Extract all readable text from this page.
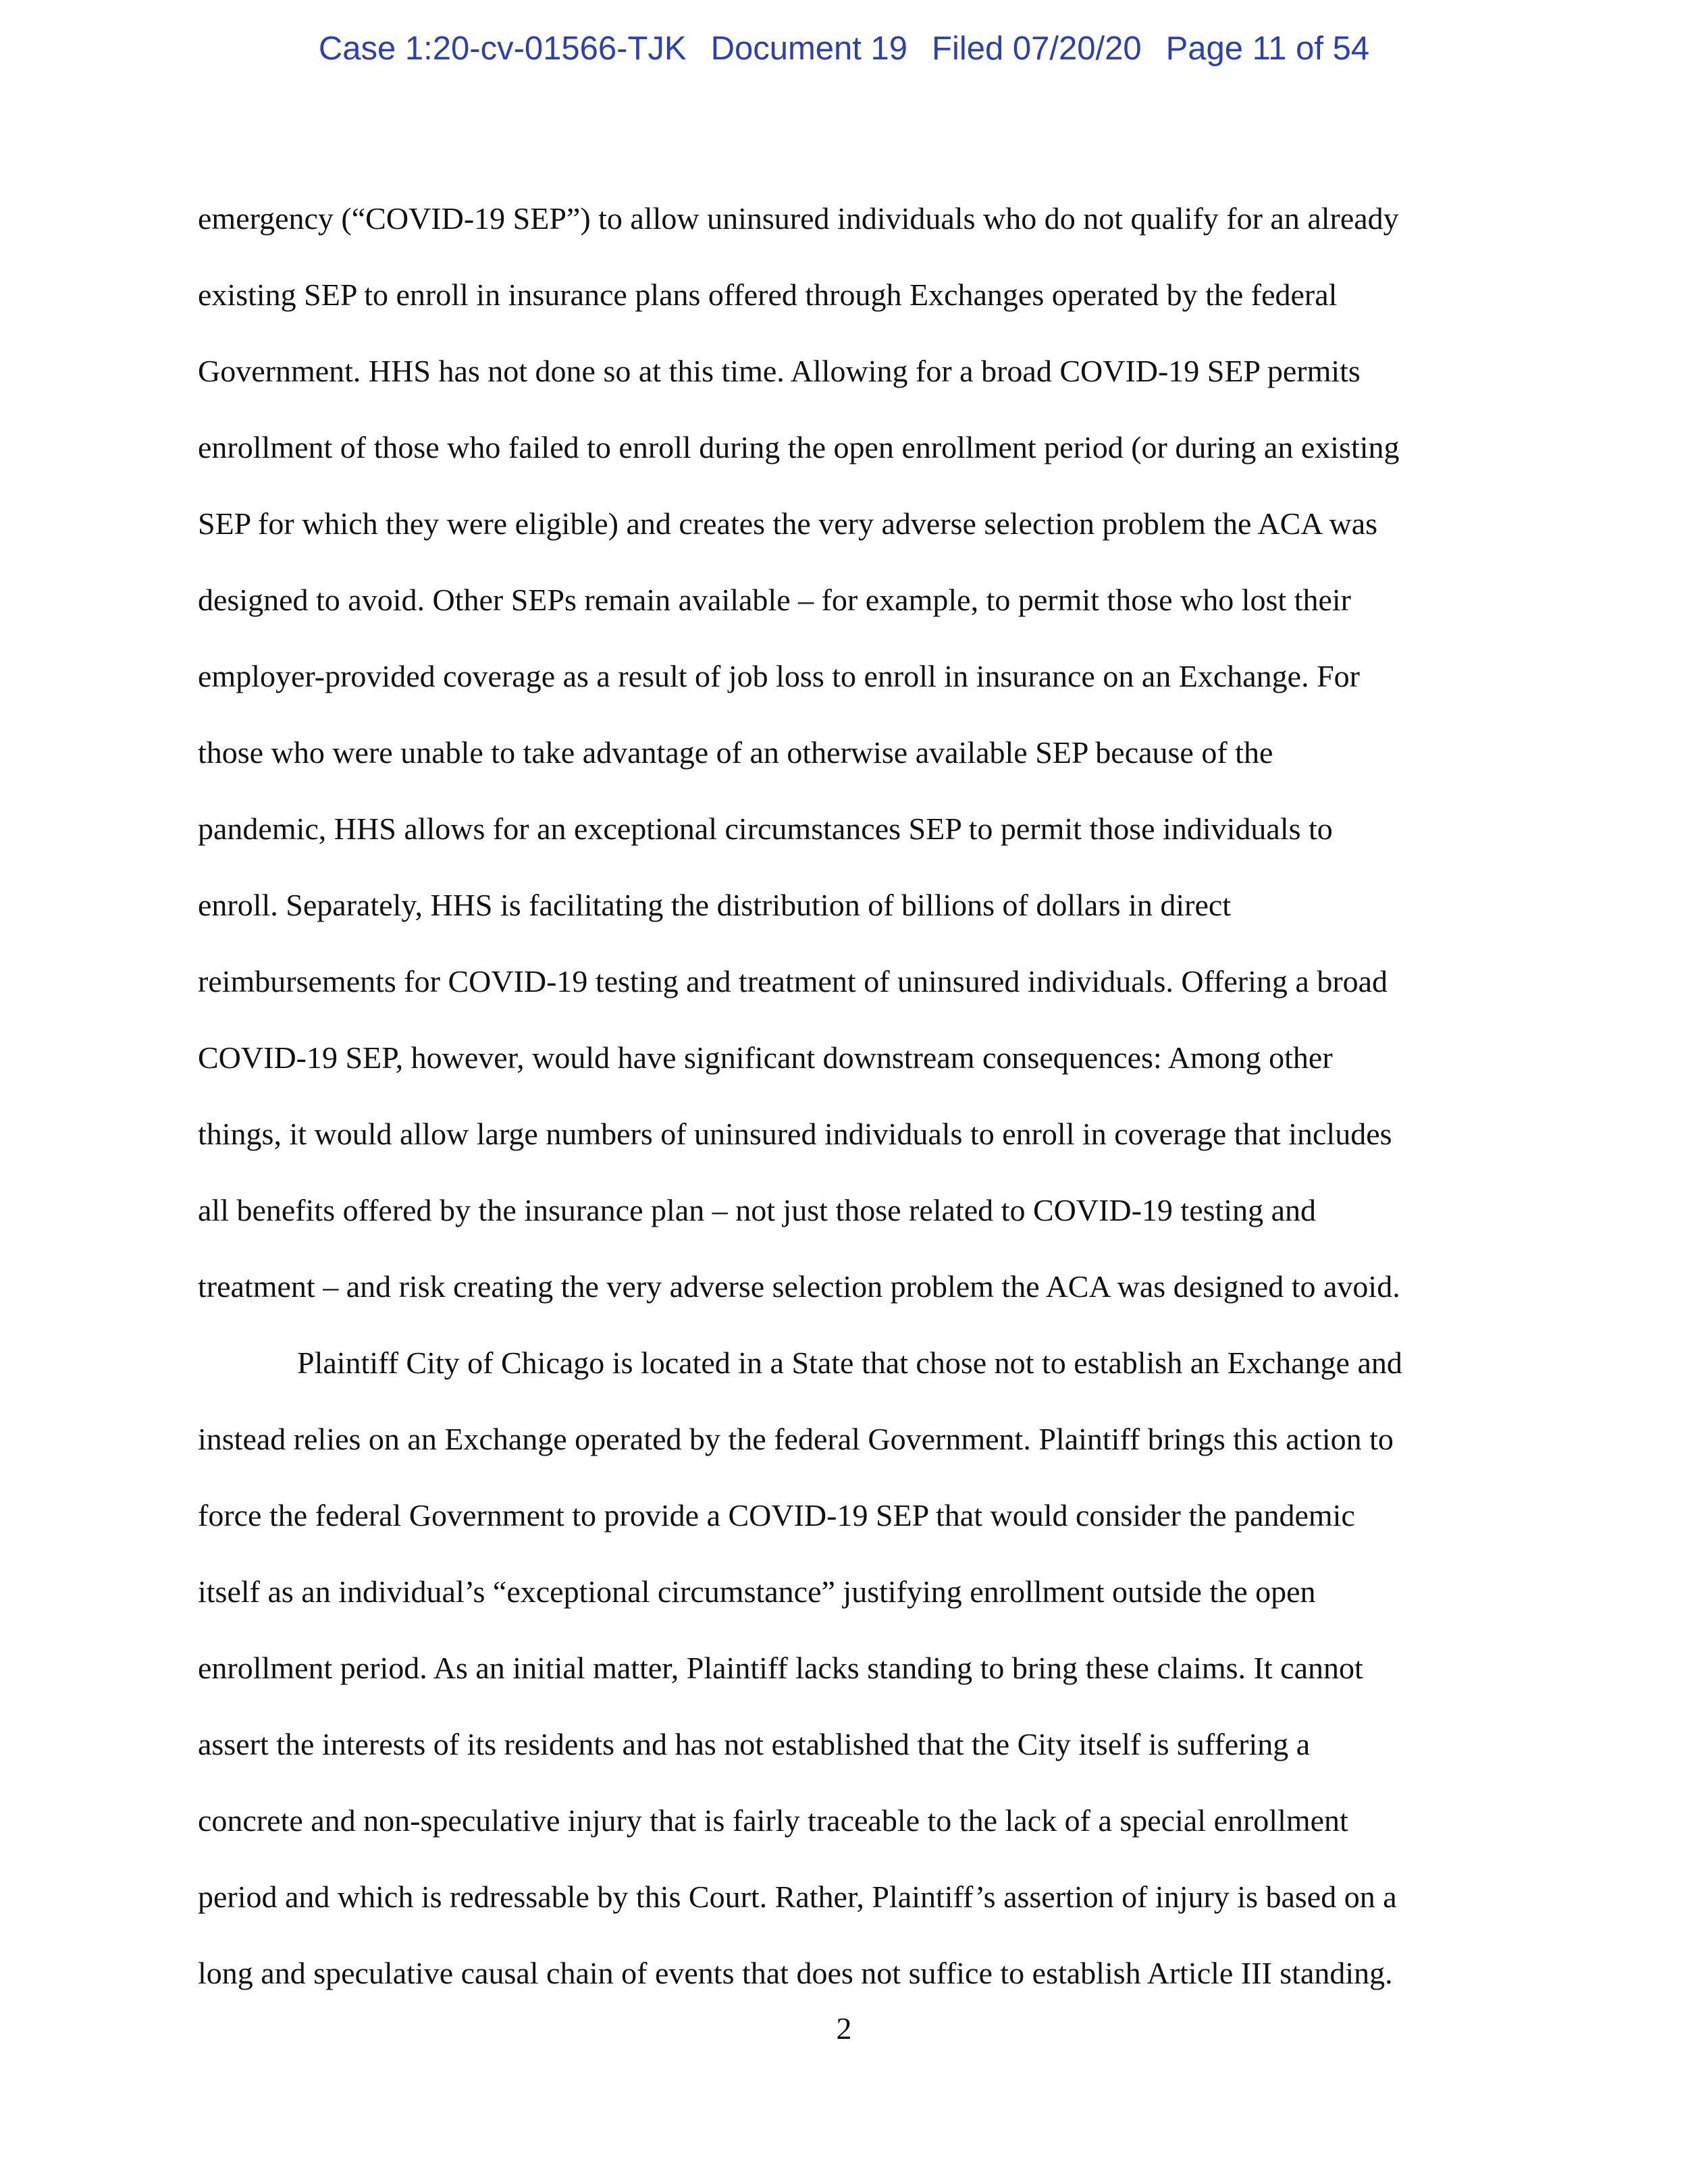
Case 1:20-cv-01566-TJK Document 19 Filed 07/20/20 Page 11 of 54
emergency (“COVID-19 SEP”) to allow uninsured individuals who do not qualify for an already
existing SEP to enroll in insurance plans offered through Exchanges operated by the federal
Government. HHS has not done so at this time. Allowing for a broad COVID-19 SEP permits
enrollment of those who failed to enroll during the open enrollment period (or during an existing
SEP for which they were eligible) and creates the very adverse selection problem the ACA was
designed to avoid. Other SEPs remain available – for example, to permit those who lost their
employer-provided coverage as a result of job loss to enroll in insurance on an Exchange. For
those who were unable to take advantage of an otherwise available SEP because of the
pandemic, HHS allows for an exceptional circumstances SEP to permit those individuals to
enroll. Separately, HHS is facilitating the distribution of billions of dollars in direct
reimbursements for COVID-19 testing and treatment of uninsured individuals. Offering a broad
COVID-19 SEP, however, would have significant downstream consequences: Among other
things, it would allow large numbers of uninsured individuals to enroll in coverage that includes
all benefits offered by the insurance plan – not just those related to COVID-19 testing and
treatment – and risk creating the very adverse selection problem the ACA was designed to avoid.
Plaintiff City of Chicago is located in a State that chose not to establish an Exchange and
instead relies on an Exchange operated by the federal Government. Plaintiff brings this action to
force the federal Government to provide a COVID-19 SEP that would consider the pandemic
itself as an individual’s “exceptional circumstance” justifying enrollment outside the open
enrollment period. As an initial matter, Plaintiff lacks standing to bring these claims. It cannot
assert the interests of its residents and has not established that the City itself is suffering a
concrete and non-speculative injury that is fairly traceable to the lack of a special enrollment
period and which is redressable by this Court. Rather, Plaintiff’s assertion of injury is based on a
long and speculative causal chain of events that does not suffice to establish Article III standing.
2
